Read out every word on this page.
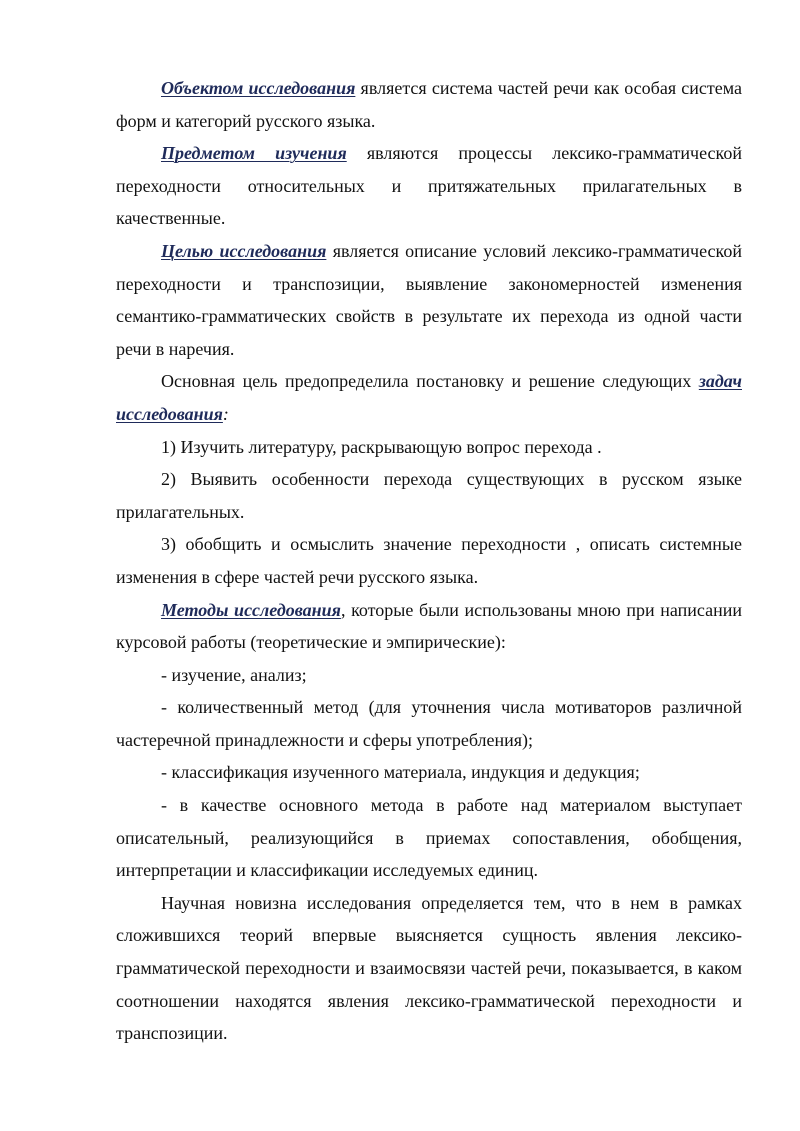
Объектом исследования является система частей речи как особая система форм и категорий русского языка.

Предметом изучения являются процессы лексико-грамматической переходности относительных и притяжательных прилагательных в качественные.

Целью исследования является описание условий лексико-грамматической переходности и транспозиции, выявление закономерностей изменения семантико-грамматических свойств в результате их перехода из одной части речи в наречия.

Основная цель предопределила постановку и решение следующих задач исследования:

1) Изучить литературу, раскрывающую вопрос перехода .

2) Выявить особенности перехода существующих в русском языке прилагательных.

3) обобщить и осмыслить значение переходности , описать системные изменения в сфере частей речи русского языка.

Методы исследования, которые были использованы мною при написании курсовой работы (теоретические и эмпирические):

- изучение, анализ;

- количественный метод (для уточнения числа мотиваторов различной частеречной принадлежности и сферы употребления);

- классификация изученного материала, индукция и дедукция;

- в качестве основного метода в работе над материалом выступает описательный, реализующийся в приемах сопоставления, обобщения, интерпретации и классификации исследуемых единиц.

Научная новизна исследования определяется тем, что в нем в рамках сложившихся теорий впервые выясняется сущность явления лексико-грамматической переходности и взаимосвязи частей речи, показывается, в каком соотношении находятся явления лексико-грамматической переходности и транспозиции.
